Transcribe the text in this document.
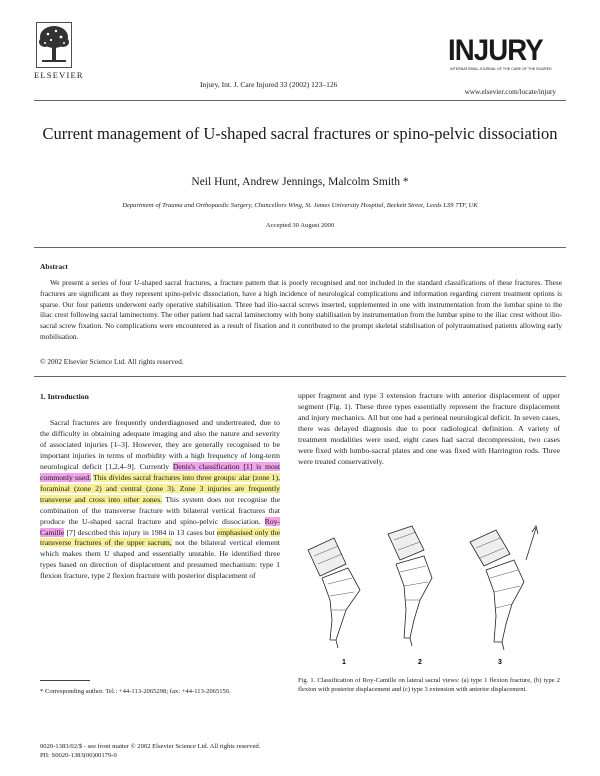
ELSEVIER
Injury, Int. J. Care Injured 33 (2002) 123–126
INJURY
INTERNATIONAL JOURNAL OF THE CARE OF THE INJURED
www.elsevier.com/locate/injury
Current management of U-shaped sacral fractures or spino-pelvic dissociation
Neil Hunt, Andrew Jennings, Malcolm Smith *
Department of Trauma and Orthopaedic Surgery, Chancellors Wing, St. James University Hospital, Beckett Street, Leeds LS9 7TF, UK
Accepted 30 August 2000
Abstract
We present a series of four U-shaped sacral fractures, a fracture pattern that is poorly recognised and not included in the standard classifications of these fractures. These fractures are significant as they represent spino-pelvic dissociation, have a high incidence of neurological complications and information regarding current treatment options is sparse. Our four patients underwent early operative stabilisation. Three had ilio-sacral screws inserted, supplemented in one with instrumentation from the lumbar spine to the iliac crest following sacral laminectomy. The other patient had sacral laminectomy with bony stabilisation by instrumentation from the lumbar spine to the iliac crest without ilio-sacral screw fixation. No complications were encountered as a result of fixation and it contributed to the prompt skeletal stabilisation of polytraumatised patients allowing early mobilisation.
© 2002 Elsevier Science Ltd. All rights reserved.
1. Introduction

Sacral fractures are frequently underdiagnosed and undertreated, due to the difficulty in obtaining adequate imaging and also the nature and severity of associated injuries [1–3]. However, they are generally recognised to be important injuries in terms of morbidity with a high frequency of long-term neurological deficit [1,2,4–9]. Currently Denis's classification [1] is most commonly used. This divides sacral fractures into three groups: alar (zone 1), foraminal (zone 2) and central (zone 3). Zone 3 injuries are frequently transverse and cross into other zones. This system does not recognise the combination of the transverse fracture with bilateral vertical fractures that produce the U-shaped sacral fracture and spino-pelvic dissociation. Roy-Camille [7] described this injury in 1984 in 13 cases but emphasised only the transverse fractures of the upper sacrum, not the bilateral vertical element which makes them U shaped and essentially unstable. He identified three types based on direction of displacement and presumed mechanism: type 1 flexion fracture, type 2 flexion fracture with posterior displacement of

upper fragment and type 3 extension fracture with anterior displacement of upper segment (Fig. 1). These three types essentially represent the fracture displacement and injury mechanics. All but one had a perineal neurological deficit. In seven cases, there was delayed diagnosis due to poor radiological definition. A variety of treatment modalities were used, eight cases had sacral decompression, two cases were fixed with lumbo-sacral plates and one was fixed with Harrington rods. Three were treated conservatively.
1	2	3
Fig. 1. Classification of Roy-Camille on lateral sacral views: (a) type 1 flexion fracture, (b) type 2 flexion with posterior displacement and (c) type 3 extension with anterior displacement.
* Corresponding author. Tel.: +44-113-2065298; fax: +44-113-2065156.
0020-1383/02/$ - see front matter © 2002 Elsevier Science Ltd. All rights reserved.
PII: S0020-1383(00)00179-0
